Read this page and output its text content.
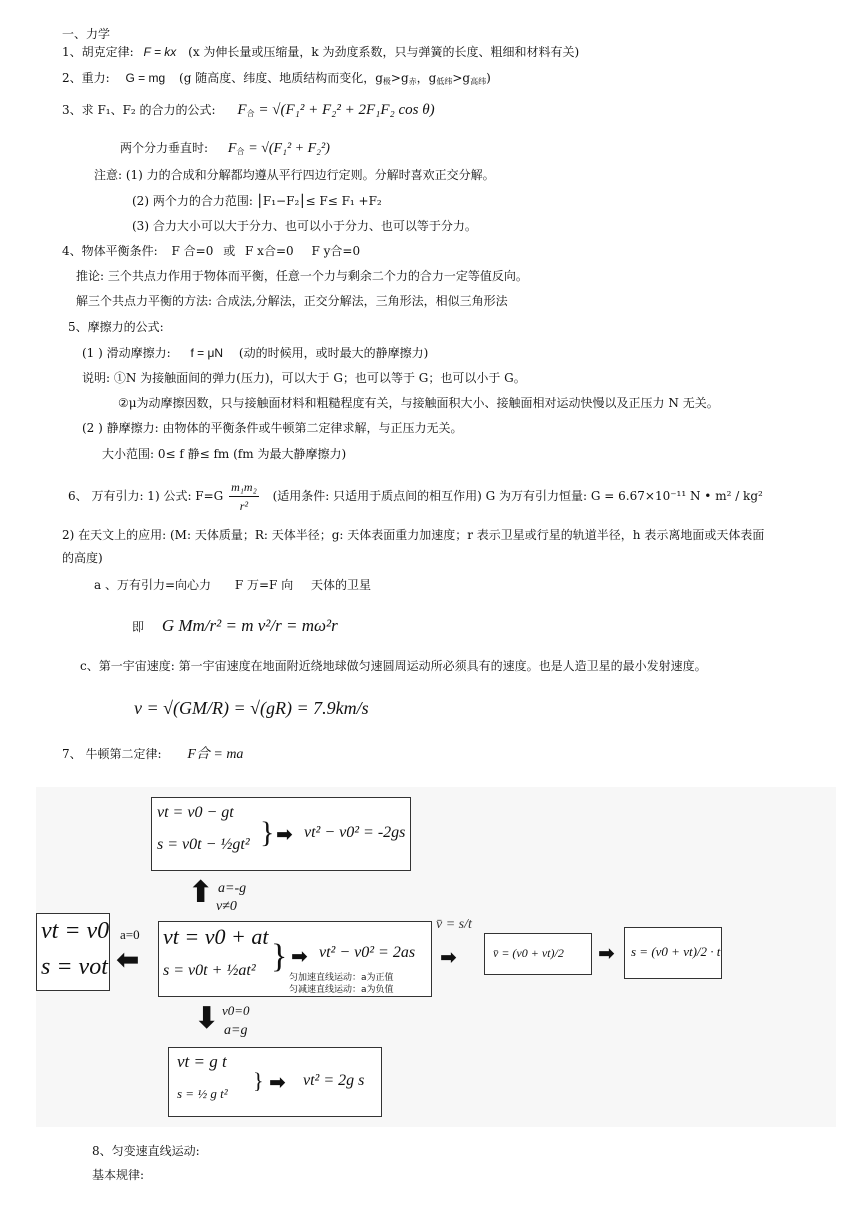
一、力学
1、胡克定律: F = kx (x 为伸长量或压缩量，k 为劲度系数，只与弹簧的长度、粗细和材料有关)
2、重力: G = mg (g 随高度、纬度、地质结构而变化，$g_极>g_赤$，$g_{低纬}>g_{高纬}$)
3、求 F₁、F₂ 的合力的公式: $F_合 = √(F_1^2 + F_2^2 + 2F_1F_2$ cos θ)
两个分力垂直时: $F_合 = √(F_1^2 + F_2^2)$
注意: (1) 力的合成和分解都均遵从平行四边行定则。分解时喜欢正交分解。
(2) 两个力的合力范围: ⎮F₁−F₂⎮≤ F≤ F₁ +F₂
(3) 合力大小可以大于分力、也可以小于分力、也可以等于分力。
4、物体平衡条件: F 合=0 或 F x合=0 F y合=0
推论: 三个共点力作用于物体而平衡，任意一个力与剩余二个力的合力一定等值反向。
解三个共点力平衡的方法: 合成法,分解法，正交分解法，三角形法，相似三角形法
5、摩擦力的公式:
(1 ) 滑动摩擦力: f = μN (动的时候用，或时最大的静摩擦力)
说明: ①N 为接触面间的弹力(压力)，可以大于 G；也可以等于 G；也可以小于 G。
②μ为动摩擦因数，只与接触面材料和粗糙程度有关，与接触面积大小、接触面相对运动快慢以及正压力 N 无关。
(2 ) 静摩擦力: 由物体的平衡条件或牛顿第二定律求解，与正压力无关。
大小范围: 0≤ f 静≤ fm (fm 为最大静摩擦力)
6、 万有引力: 1) 公式: $F=G \frac{\text{m₁m₂}}{\text{r²}}$ (适用条件: 只适用于质点间的相互作用) G 为万有引力恒量: G = 6.67×10⁻¹¹ N • m² / kg²
2) 在天文上的应用: (M: 天体质量；R: 天体半径；g: 天体表面重力加速度；r 表示卫星或行星的轨道半径，h 表示离地面或天体表面
的高度)
a 、万有引力=向心力 F 万=F 向 天体的卫星
即 G Mm/r² = m v²/r = mω²r
c、第一宇宙速度: 第一宇宙速度在地面附近绕地球做匀速圆周运动所必须具有的速度。也是人造卫星的最小发射速度。
v = √(GM/R) = √(gR) = 7.9km/s
7、 牛顿第二定律: F合 = ma
vt = v0 − gt
s = v0t − ½gt² } ➡ vt² − v0² = -2gs
⬆ a=-g
v≠0
vt = v0
s = vot
a=0
⬅
vt = v0 + at
s = v0t + ½at² } ➡ vt² − v0² = 2as
匀加速直线运动：a为正值
匀减速直线运动：a为负值
v̄ = s/t
➡	v̄ = (v0 + vt)/2 ➡ s = (v0 + vt)/2 · t
⬇ v0=0
a=g
vt = g t
s = ½ g t²
} ➡ vt² = 2g s
8、匀变速直线运动:
基本规律:
